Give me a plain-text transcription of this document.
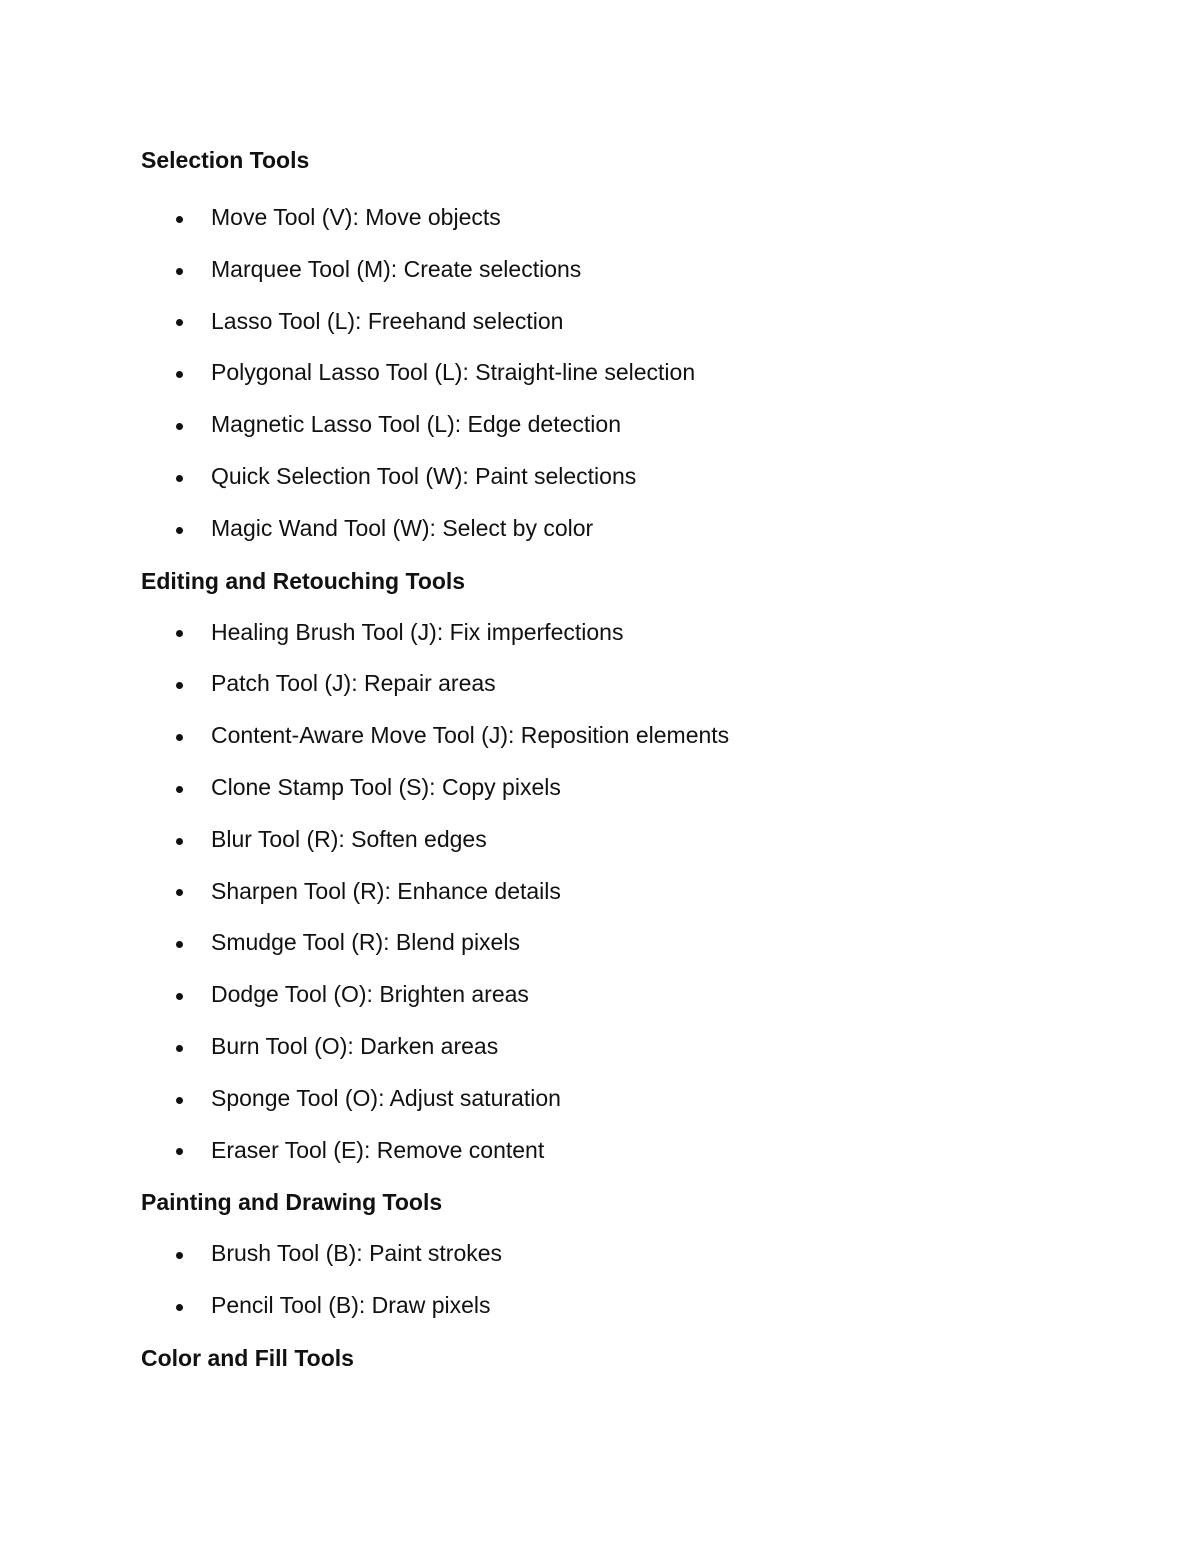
Selection Tools
Move Tool (V): Move objects
Marquee Tool (M): Create selections
Lasso Tool (L): Freehand selection
Polygonal Lasso Tool (L): Straight-line selection
Magnetic Lasso Tool (L): Edge detection
Quick Selection Tool (W): Paint selections
Magic Wand Tool (W): Select by color
Editing and Retouching Tools
Healing Brush Tool (J): Fix imperfections
Patch Tool (J): Repair areas
Content-Aware Move Tool (J): Reposition elements
Clone Stamp Tool (S): Copy pixels
Blur Tool (R): Soften edges
Sharpen Tool (R): Enhance details
Smudge Tool (R): Blend pixels
Dodge Tool (O): Brighten areas
Burn Tool (O): Darken areas
Sponge Tool (O): Adjust saturation
Eraser Tool (E): Remove content
Painting and Drawing Tools
Brush Tool (B): Paint strokes
Pencil Tool (B): Draw pixels
Color and Fill Tools
